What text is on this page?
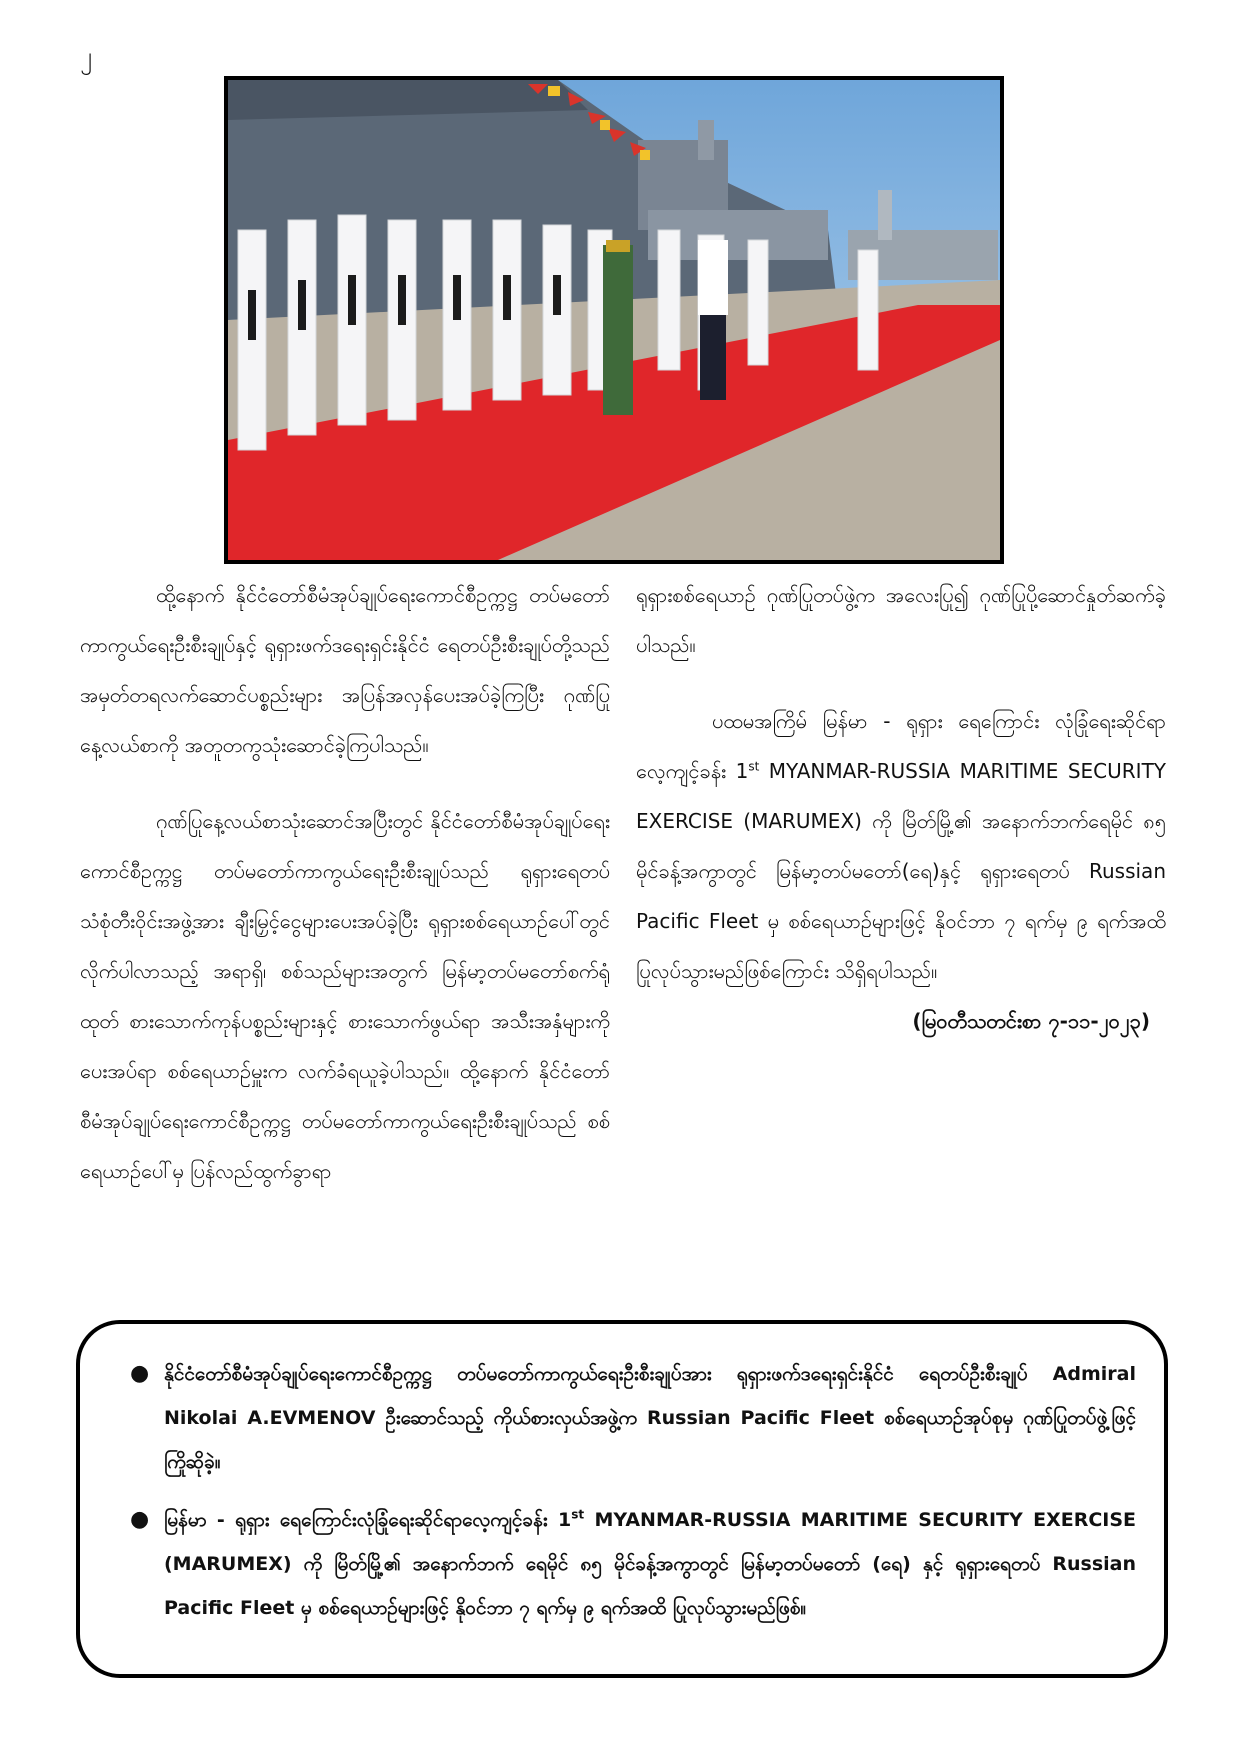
၂

ထို့နောက် နိုင်ငံတော်စီမံအုပ်ချုပ်ရေးကောင်စီဥက္ကဋ္ဌ တပ်မတော်ကာကွယ်ရေးဦးစီးချုပ်နှင့် ရုရှားဖက်ဒရေးရှင်းနိုင်ငံ ရေတပ်ဦးစီးချုပ်တို့သည် အမှတ်တရလက်ဆောင်ပစ္စည်းများ အပြန်အလှန်ပေးအပ်ခဲ့ကြပြီး ဂုဏ်ပြုနေ့လယ်စာကို အတူတကွသုံးဆောင်ခဲ့ကြပါသည်။

ဂုဏ်ပြုနေ့လယ်စာသုံးဆောင်အပြီးတွင် နိုင်ငံတော်စီမံအုပ်ချုပ်ရေးကောင်စီဥက္ကဋ္ဌ တပ်မတော်ကာကွယ်ရေးဦးစီးချုပ်သည် ရုရှားရေတပ် သံစုံတီးဝိုင်းအဖွဲ့အား ချီးမြှင့်ငွေများပေးအပ်ခဲ့ပြီး ရုရှားစစ်ရေယာဉ်ပေါ်တွင် လိုက်ပါလာသည့် အရာရှိ၊ စစ်သည်များအတွက် မြန်မာ့တပ်မတော်စက်ရုံထုတ် စားသောက်ကုန်ပစ္စည်းများနှင့် စားသောက်ဖွယ်ရာ အသီးအနှံများကိုပေးအပ်ရာ စစ်ရေယာဉ်မှူးက လက်ခံရယူခဲ့ပါသည်။ ထို့နောက် နိုင်ငံတော်စီမံအုပ်ချုပ်ရေးကောင်စီဥက္ကဋ္ဌ တပ်မတော်ကာကွယ်ရေးဦးစီးချုပ်သည် စစ်ရေယာဉ်ပေါ်မှ ပြန်လည်ထွက်ခွာရာ

ရုရှားစစ်ရေယာဉ် ဂုဏ်ပြုတပ်ဖွဲ့က အလေးပြု၍ ဂုဏ်ပြုပို့ဆောင်နှုတ်ဆက်ခဲ့ပါသည်။

ပထမအကြိမ် မြန်မာ - ရုရှား ရေကြောင်း လုံခြုံရေးဆိုင်ရာ လေ့ကျင့်ခန်း 1st MYANMAR-RUSSIA MARITIME SECURITY EXERCISE (MARUMEX) ကို မြိတ်မြို့၏ အနောက်ဘက်ရေမိုင် ၈၅ မိုင်ခန့်အကွာတွင် မြန်မာ့တပ်မတော်(ရေ)နှင့် ရုရှားရေတပ် Russian Pacific Fleet မှ စစ်ရေယာဉ်များဖြင့် နိုဝင်ဘာ ၇ ရက်မှ ၉ ရက်အထိ ပြုလုပ်သွားမည်ဖြစ်ကြောင်း သိရှိရပါသည်။

(မြဝတီသတင်းစာ ၇-၁၁-၂၀၂၃)

● နိုင်ငံတော်စီမံအုပ်ချုပ်ရေးကောင်စီဥက္ကဋ္ဌ တပ်မတော်ကာကွယ်ရေးဦးစီးချုပ်အား ရုရှားဖက်ဒရေးရှင်းနိုင်ငံ ရေတပ်ဦးစီးချုပ် Admiral Nikolai A.EVMENOV ဦးဆောင်သည့် ကိုယ်စားလှယ်အဖွဲ့က Russian Pacific Fleet စစ်ရေယာဉ်အုပ်စုမှ ဂုဏ်ပြုတပ်ဖွဲ့ဖြင့် ကြိုဆိုခဲ့။
● မြန်မာ - ရုရှား ရေကြောင်းလုံခြုံရေးဆိုင်ရာလေ့ကျင့်ခန်း 1st MYANMAR-RUSSIA MARITIME SECURITY EXERCISE (MARUMEX) ကို မြိတ်မြို့၏ အနောက်ဘက် ရေမိုင် ၈၅ မိုင်ခန့်အကွာတွင် မြန်မာ့တပ်မတော် (ရေ) နှင့် ရုရှားရေတပ် Russian Pacific Fleet မှ စစ်ရေယာဉ်များဖြင့် နိုဝင်ဘာ ၇ ရက်မှ ၉ ရက်အထိ ပြုလုပ်သွားမည်ဖြစ်။
